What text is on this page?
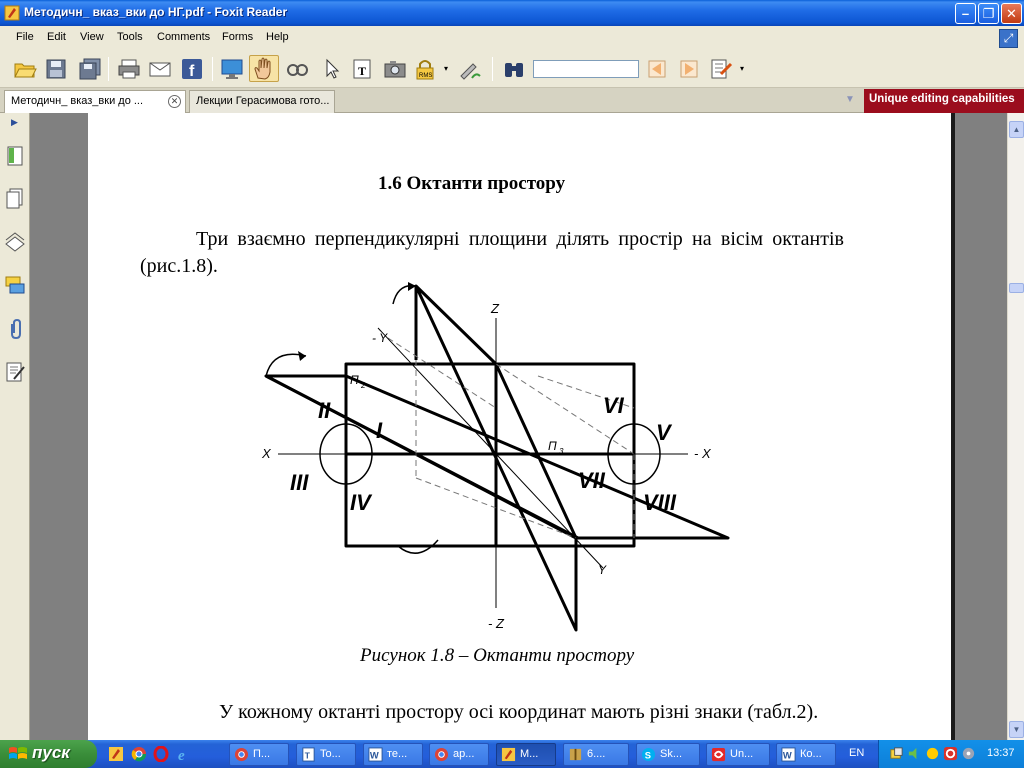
Методичн_ вказ_вки до НГ.pdf - Foxit Reader	–	❐ ✕
File Edit View Tools Comments Forms Help	⤢
f	T	RMS
▾	▾
Методичн_ вказ_вки до ...	✕	Лекции Герасимова гото...	▼	Unique editing capabilities
▶
1.6 Октанти простору
Три взаємно перпендикулярні площини ділять простір на вісім октантів (рис.1.8).
Z
- Z
X	- X
Y
- Y
П 2
П 3
I
II
III
IV
V
VI
VII
VIII
Рисунок 1.8 – Октанти простору
У кожному октанті простору осі координат мають різні знаки (табл.2).
▲
▼
пуск	e	П...	T To...	W те...	ар...	М...	6....	S Sk...	Un...	W Ко...	EN	13:37
